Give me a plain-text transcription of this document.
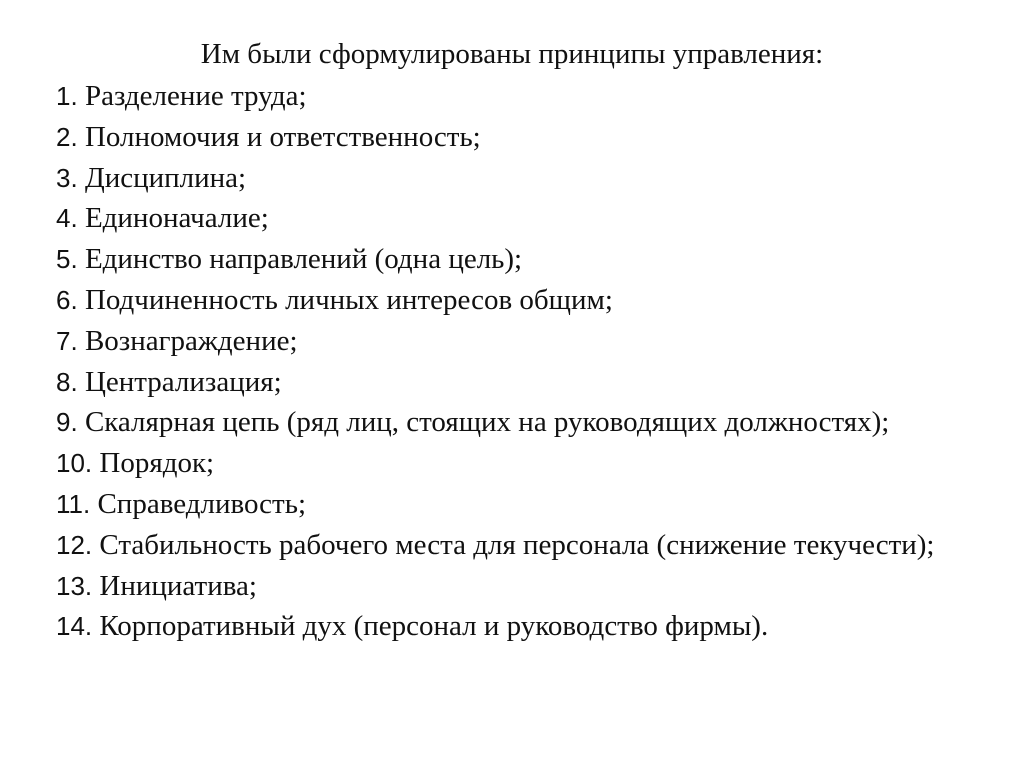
Им были сформулированы принципы управления:
1. Разделение труда;
2. Полномочия и ответственность;
3. Дисциплина;
4. Единоначалие;
5. Единство направлений (одна цель);
6. Подчиненность личных интересов общим;
7. Вознаграждение;
8. Централизация;
9. Скалярная цепь (ряд лиц, стоящих на руководящих должностях);
10. Порядок;
11. Справедливость;
12. Стабильность рабочего места для персонала (снижение текучести);
13. Инициатива;
14. Корпоративный дух (персонал и руководство фирмы).
